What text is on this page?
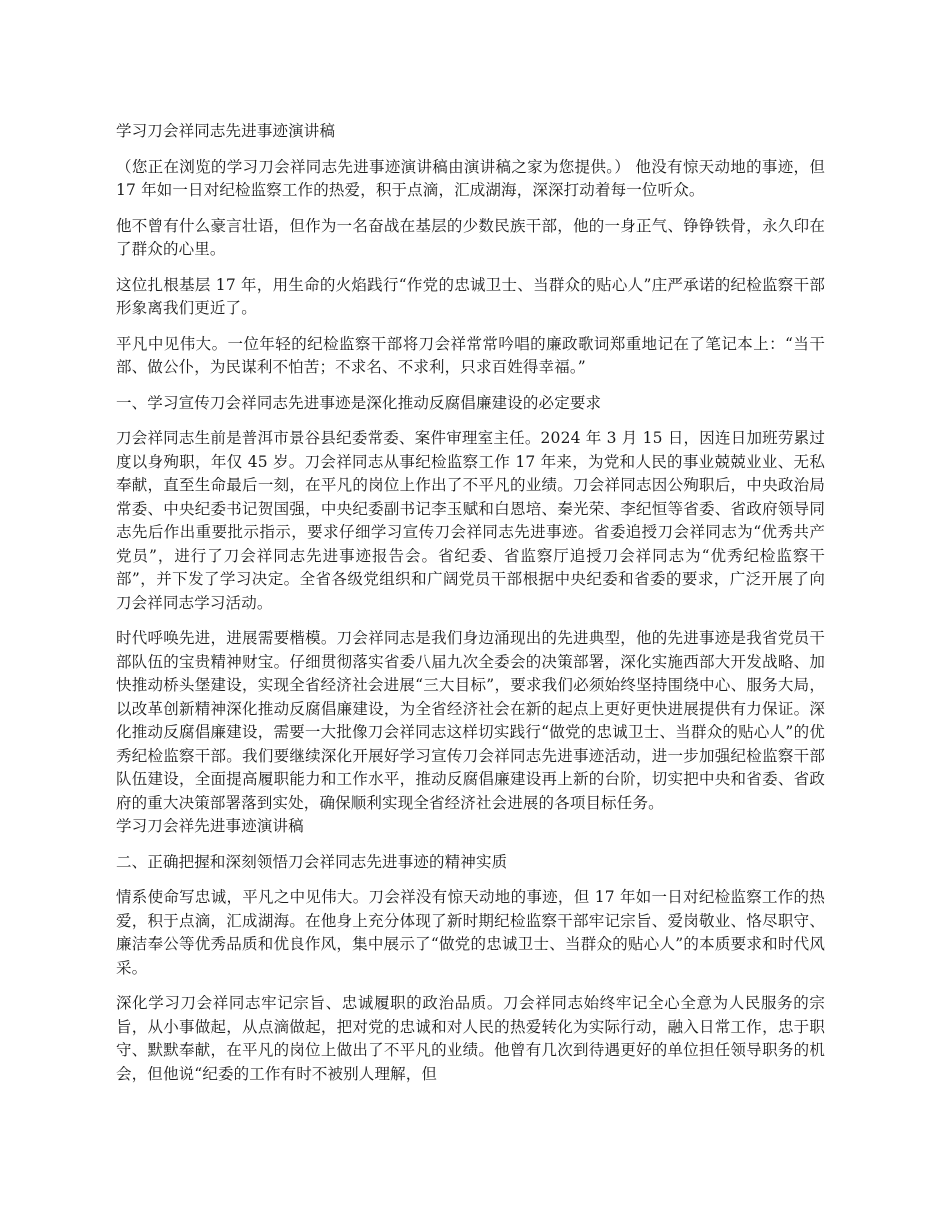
学习刀会祥同志先进事迹演讲稿

（您正在浏览的学习刀会祥同志先进事迹演讲稿由演讲稿之家为您提供。） 他没有惊天动地的事迹，但 17 年如一日对纪检监察工作的热爱，积于点滴，汇成湖海，深深打动着每一位听众。

他不曾有什么豪言壮语，但作为一名奋战在基层的少数民族干部，他的一身正气、铮铮铁骨，永久印在了群众的心里。

这位扎根基层 17 年，用生命的火焰践行“作党的忠诚卫士、当群众的贴心人”庄严承诺的纪检监察干部形象离我们更近了。

平凡中见伟大。一位年轻的纪检监察干部将刀会祥常常吟唱的廉政歌词郑重地记在了笔记本上：“当干部、做公仆，为民谋利不怕苦；不求名、不求利，只求百姓得幸福。”

一、学习宣传刀会祥同志先进事迹是深化推动反腐倡廉建设的必定要求

刀会祥同志生前是普洱市景谷县纪委常委、案件审理室主任。2024 年 3 月 15 日，因连日加班劳累过度以身殉职，年仅 45 岁。刀会祥同志从事纪检监察工作 17 年来，为党和人民的事业兢兢业业、无私奉献，直至生命最后一刻，在平凡的岗位上作出了不平凡的业绩。刀会祥同志因公殉职后，中央政治局常委、中央纪委书记贺国强，中央纪委副书记李玉赋和白恩培、秦光荣、李纪恒等省委、省政府领导同志先后作出重要批示指示，要求仔细学习宣传刀会祥同志先进事迹。省委追授刀会祥同志为“优秀共产党员”，进行了刀会祥同志先进事迹报告会。省纪委、省监察厅追授刀会祥同志为“优秀纪检监察干部”，并下发了学习决定。全省各级党组织和广阔党员干部根据中央纪委和省委的要求，广泛开展了向刀会祥同志学习活动。

时代呼唤先进，进展需要楷模。刀会祥同志是我们身边涌现出的先进典型，他的先进事迹是我省党员干部队伍的宝贵精神财宝。仔细贯彻落实省委八届九次全委会的决策部署，深化实施西部大开发战略、加快推动桥头堡建设，实现全省经济社会进展“三大目标”，要求我们必须始终坚持围绕中心、服务大局，以改革创新精神深化推动反腐倡廉建设，为全省经济社会在新的起点上更好更快进展提供有力保证。深化推动反腐倡廉建设，需要一大批像刀会祥同志这样切实践行“做党的忠诚卫士、当群众的贴心人”的优秀纪检监察干部。我们要继续深化开展好学习宣传刀会祥同志先进事迹活动，进一步加强纪检监察干部队伍建设，全面提高履职能力和工作水平，推动反腐倡廉建设再上新的台阶，切实把中央和省委、省政府的重大决策部署落到实处，确保顺利实现全省经济社会进展的各项目标任务。
学习刀会祥先进事迹演讲稿
二、正确把握和深刻领悟刀会祥同志先进事迹的精神实质

情系使命写忠诚，平凡之中见伟大。刀会祥没有惊天动地的事迹，但 17 年如一日对纪检监察工作的热爱，积于点滴，汇成湖海。在他身上充分体现了新时期纪检监察干部牢记宗旨、爱岗敬业、恪尽职守、廉洁奉公等优秀品质和优良作风，集中展示了“做党的忠诚卫士、当群众的贴心人”的本质要求和时代风采。

深化学习刀会祥同志牢记宗旨、忠诚履职的政治品质。刀会祥同志始终牢记全心全意为人民服务的宗旨，从小事做起，从点滴做起，把对党的忠诚和对人民的热爱转化为实际行动，融入日常工作，忠于职守、默默奉献，在平凡的岗位上做出了不平凡的业绩。他曾有几次到待遇更好的单位担任领导职务的机会，但他说“纪委的工作有时不被别人理解，但
